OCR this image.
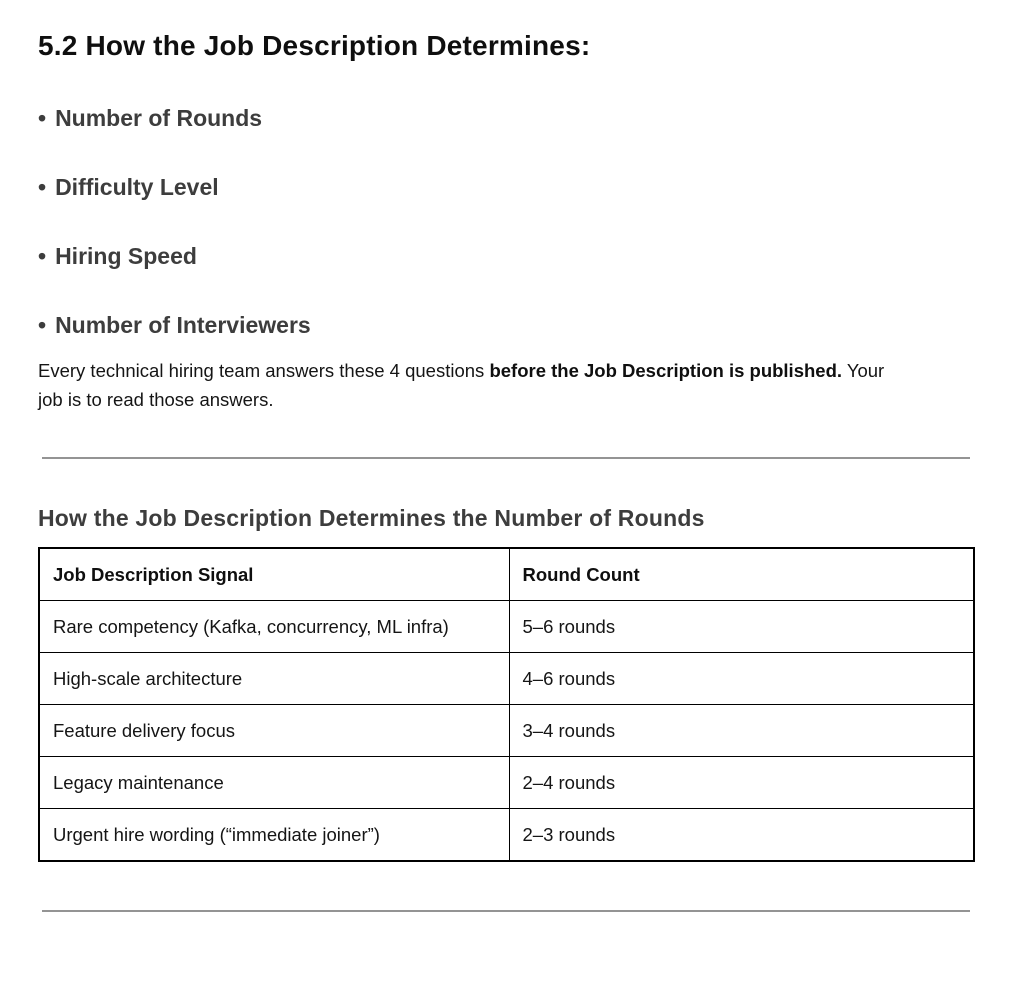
5.2 How the Job Description Determines:
• Number of Rounds
• Difficulty Level
• Hiring Speed
• Number of Interviewers

Every technical hiring team answers these 4 questions before the Job Description is published. Your job is to read those answers.

How the Job Description Determines the Number of Rounds
Job Description Signal	Round Count
Rare competency (Kafka, concurrency, ML infra)	5–6 rounds
High-scale architecture	4–6 rounds
Feature delivery focus	3–4 rounds
Legacy maintenance	2–4 rounds
Urgent hire wording (“immediate joiner”)	2–3 rounds
